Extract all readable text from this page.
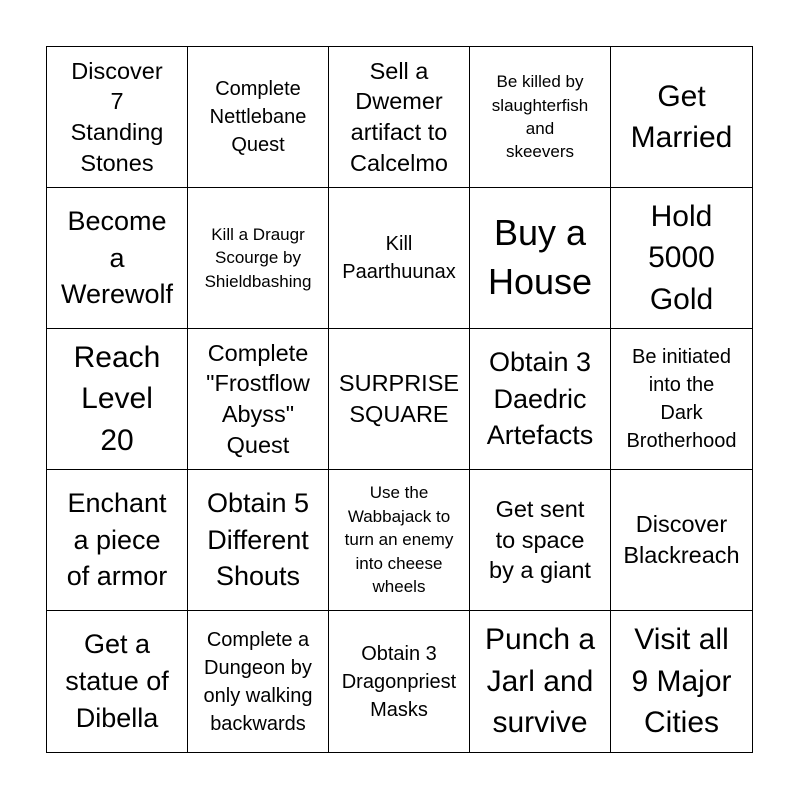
Discover
7
Standing
Stones
Complete
Nettlebane
Quest
Sell a
Dwemer
artifact to
Calcelmo
Be killed by
slaughterfish
and
skeevers
Get
Married
Become
a
Werewolf
Kill a Draugr
Scourge by
Shieldbashing
Kill
Paarthuunax
Buy a
House
Hold
5000
Gold
Reach
Level
20
Complete
"Frostflow
Abyss"
Quest
SURPRISE
SQUARE
Obtain 3
Daedric
Artefacts
Be initiated
into the
Dark
Brotherhood
Enchant
a piece
of armor
Obtain 5
Different
Shouts
Use the
Wabbajack to
turn an enemy
into cheese
wheels
Get sent
to space
by a giant
Discover
Blackreach
Get a
statue of
Dibella
Complete a
Dungeon by
only walking
backwards
Obtain 3
Dragonpriest
Masks
Punch a
Jarl and
survive
Visit all
9 Major
Cities
